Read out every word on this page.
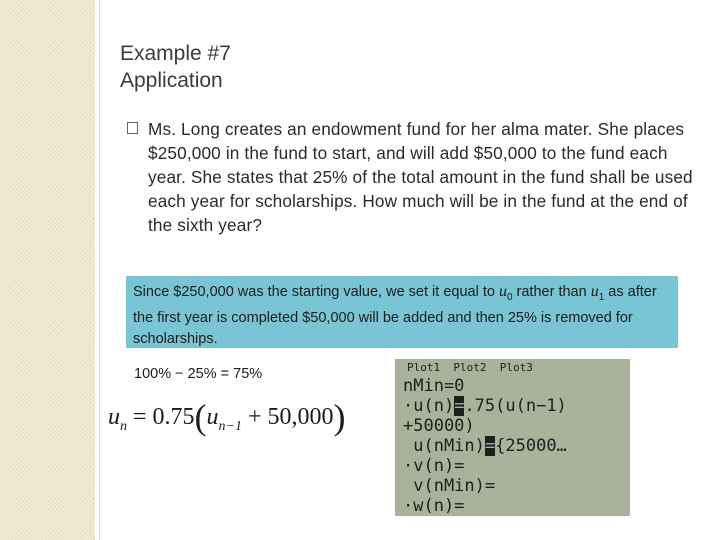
Example #7
Application
Ms. Long creates an endowment fund for her alma mater. She places $250,000 in the fund to start, and will add $50,000 to the fund each year. She states that 25% of the total amount in the fund shall be used each year for scholarships. How much will be in the fund at the end of the sixth year?
Since $250,000 was the starting value, we set it equal to $u_0$ rather than $u_1$ as after the first year is completed $50,000 will be added and then 25% is removed for scholarships.
100% − 25% = 75%
$u_n = 0.75(u_{n-1} + 50,000)$
Plot1  Plot2  Plot3
nMin=0
·u(n)=.75(u(n−1)
+50000)
u(nMin)={25000…
·v(n)=
v(nMin)=
·w(n)=
